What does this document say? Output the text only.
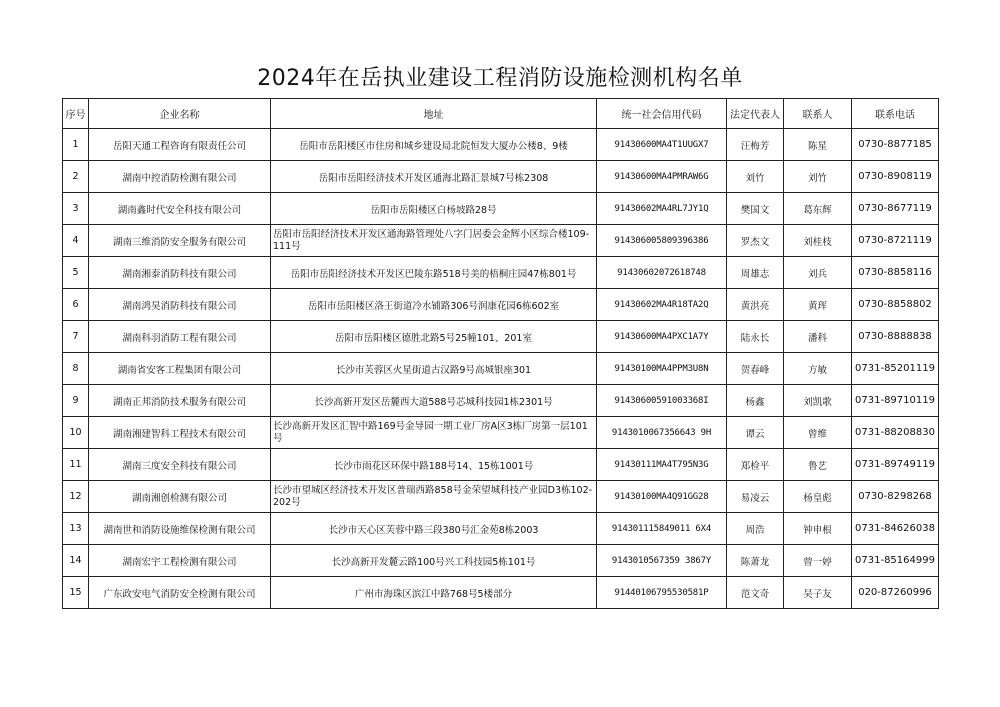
2024年在岳执业建设工程消防设施检测机构名单
序号	企业名称	地址	统一社会信用代码	法定代表人	联系人	联系电话
1	岳阳天通工程咨询有限责任公司	岳阳市岳阳楼区市住房和城乡建设局北院恒发大厦办公楼8、9楼	91430600MA4T1UUGX7	汪梅芳	陈星	0730-8877185
2	湖南中控消防检测有限公司	岳阳市岳阳经济技术开发区通海北路汇景城7号栋2308	91430600MA4PMRAW6G	刘竹	刘竹	0730-8908119
3	湖南鑫时代安全科技有限公司	岳阳市岳阳楼区白杨坡路28号	91430602MA4RL7JY1Q	樊国文	葛东辉	0730-8677119
4	湖南三维消防安全服务有限公司	岳阳市岳阳经济技术开发区通海路管理处八字门居委会金辉小区综合楼109-111号	914306005809396386	罗杰文	刘桂枝	0730-8721119
5	湖南湘泰消防科技有限公司	岳阳市岳阳经济技术开发区巴陵东路518号美的梧桐庄园47栋801号	91430602072618748	周雄志	刘兵	0730-8858116
6	湖南鸿昊消防科技有限公司	岳阳市岳阳楼区洛王街道冷水铺路306号润康花园6栋602室	91430602MA4R18TA2Q	黄洪亮	黄珲	0730-8858802
7	湖南科羽消防工程有限公司	岳阳市岳阳楼区德胜北路5号25幢101、201室	91430600MA4PXC1A7Y	陆永长	潘科	0730-8888838
8	湖南省安客工程集团有限公司	长沙市芙蓉区火星街道古汉路9号高城银座301	91430100MA4PPM3U8N	贺春峰	方敏	0731-85201119
9	湖南正邦消防技术服务有限公司	长沙高新开发区岳麓西大道588号芯城科技园1栋2301号	91430600591003368I	杨鑫	刘凯歌	0731-89710119
10	湖南湘建智科工程技术有限公司	长沙高新开发区汇智中路169号金导园一期工业厂房A区3栋厂房第一层101号	9143010067356643 9H	谭云	曾维	0731-88208830
11	湖南三度安全科技有限公司	长沙市雨花区环保中路188号14、15栋1001号	91430111MA4T795N3G	郑检平	鲁艺	0731-89749119
12	湖南湘创检测有限公司	长沙市望城区经济技术开发区普瑞西路858号金荣望城科技产业园D3栋102-202号	91430100MA4Q91GG28	易凌云	杨皇彪	0730-8298268
13	湖南世和消防设施维保检测有限公司	长沙市天心区芙蓉中路三段380号汇金苑8栋2003	914301115849011 6X4	周浩	钟申根	0731-84626038
14	湖南宏宇工程检测有限公司	长沙高新开发麓云路100号兴工科技园5栋101号	9143010567359 3867Y	陈萧龙	曾一婷	0731-85164999
15	广东政安电气消防安全检测有限公司	广州市海珠区滨江中路768号5楼部分	91440106795530581P	范文奇	吴子友	020-87260996
